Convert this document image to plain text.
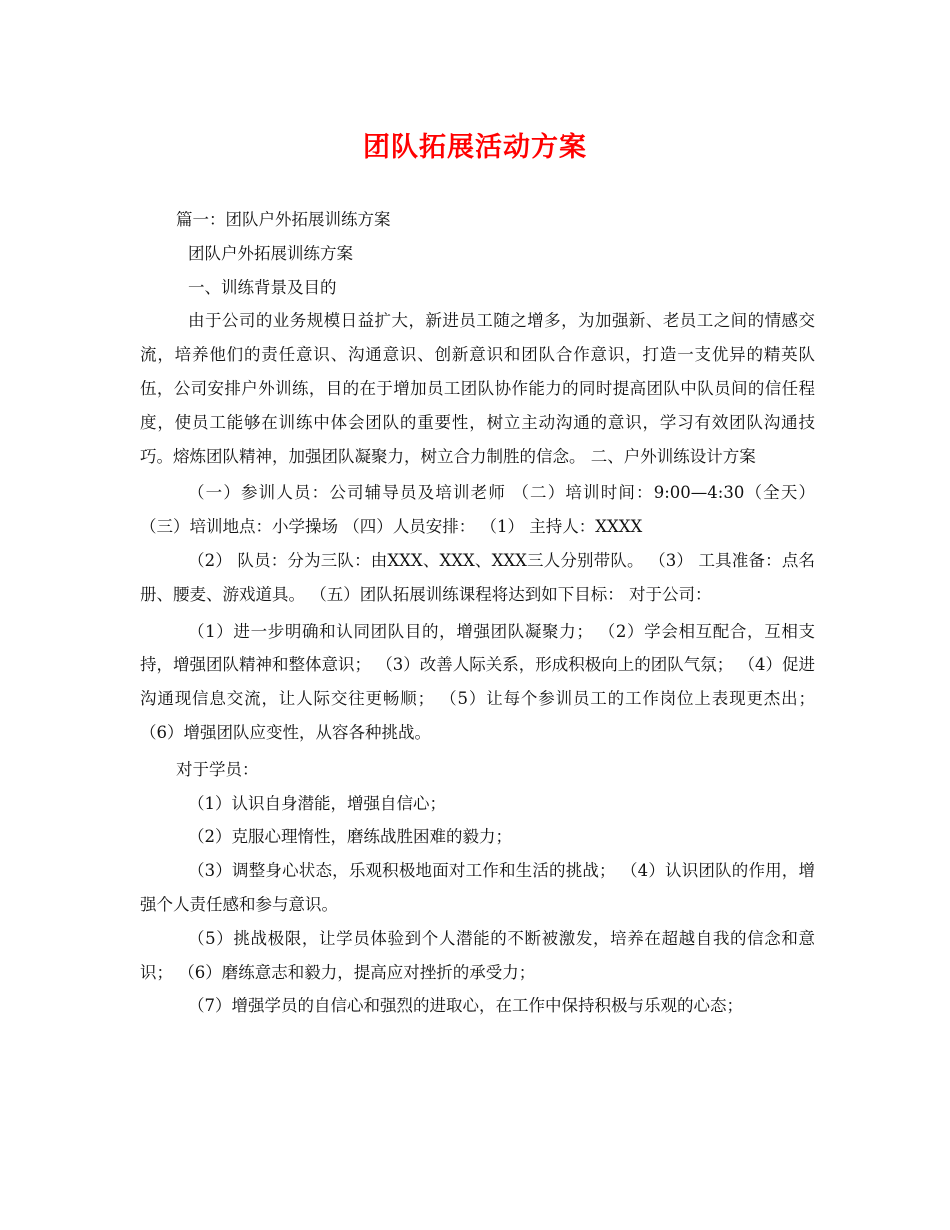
团队拓展活动方案

篇一：团队户外拓展训练方案

团队户外拓展训练方案

一、训练背景及目的

由于公司的业务规模日益扩大，新进员工随之增多，为加强新、老员工之间的情感交流，培养他们的责任意识、沟通意识、创新意识和团队合作意识，打造一支优异的精英队伍，公司安排户外训练，目的在于增加员工团队协作能力的同时提高团队中队员间的信任程度，使员工能够在训练中体会团队的重要性，树立主动沟通的意识，学习有效团队沟通技巧。熔炼团队精神，加强团队凝聚力，树立合力制胜的信念。 二、户外训练设计方案

（一）参训人员：公司辅导员及培训老师 （二）培训时间：9:00—4:30（全天） （三）培训地点：小学操场 （四）人员安排： （1） 主持人：XXXX

（2） 队员：分为三队：由XXX、XXX、XXX三人分别带队。 （3） 工具准备：点名册、腰麦、游戏道具。 （五）团队拓展训练课程将达到如下目标： 对于公司：

（1）进一步明确和认同团队目的，增强团队凝聚力； （2）学会相互配合，互相支持，增强团队精神和整体意识； （3）改善人际关系，形成积极向上的团队气氛； （4）促进沟通现信息交流，让人际交往更畅顺； （5）让每个参训员工的工作岗位上表现更杰出； （6）增强团队应变性，从容各种挑战。

对于学员：

（1）认识自身潜能，增强自信心；

（2）克服心理惰性，磨练战胜困难的毅力；

（3）调整身心状态，乐观积极地面对工作和生活的挑战； （4）认识团队的作用，增强个人责任感和参与意识。

（5）挑战极限，让学员体验到个人潜能的不断被激发，培养在超越自我的信念和意识； （6）磨练意志和毅力，提高应对挫折的承受力；

（7）增强学员的自信心和强烈的进取心，在工作中保持积极与乐观的心态；
